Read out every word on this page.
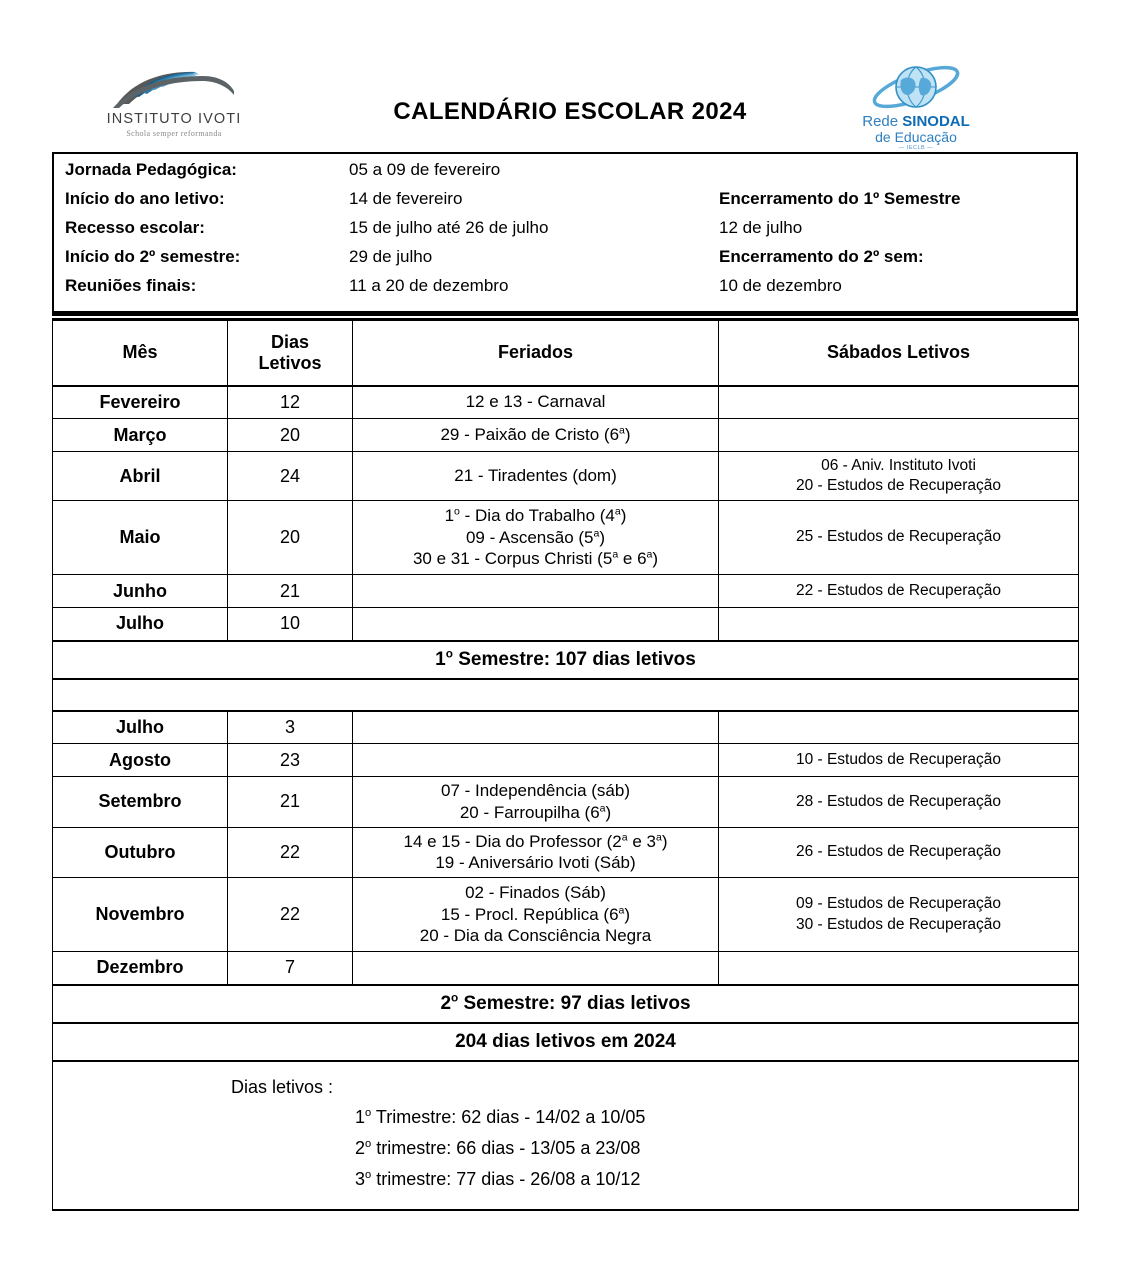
INSTITUTO IVOTI
Schola semper reformanda
CALENDÁRIO ESCOLAR 2024	Rede SINODAL
de Educação
— IECLB —
Jornada Pedagógica:	05 a 09 de fevereiro
Início do ano letivo:	14 de fevereiro	Encerramento do 1º Semestre
Recesso escolar:	15 de julho até 26 de julho	12 de julho
Início do 2º semestre:	29 de julho	Encerramento do 2º sem:
Reuniões finais:	11 a 20 de dezembro	10 de dezembro
Mês	Dias
Letivos	Feriados	Sábados Letivos
Fevereiro	12	12 e 13 - Carnaval	
Março	20	29 - Paixão de Cristo (6$^a$)	
Abril	24	21 - Tiradentes (dom)	06 - Aniv. Instituto Ivoti
20 - Estudos de Recuperação
Maio	20	1$^o$ - Dia do Trabalho (4$^a$)
09 - Ascensão (5$^a$)
30 e 31 - Corpus Christi (5$^a$ e 6$^a$)	25 - Estudos de Recuperação
Junho	21		22 - Estudos de Recuperação
Julho	10		
1$^o$ Semestre: 107 dias letivos			

Julho	3		
Agosto	23		10 - Estudos de Recuperação
Setembro	21	07 - Independência (sáb)
20 - Farroupilha (6$^a$)	28 - Estudos de Recuperação
Outubro	22	14 e 15 - Dia do Professor (2$^a$ e 3$^a$)
19 - Aniversário Ivoti (Sáb)	26 - Estudos de Recuperação
Novembro	22	02 - Finados (Sáb)
15 - Procl. República (6$^a$)
20 - Dia da Consciência Negra	09 - Estudos de Recuperação
30 - Estudos de Recuperação
Dezembro	7		
2$^o$ Semestre: 97 dias letivos			
204 dias letivos em 2024			

Dias letivos :
1$^o$ Trimestre: 62 dias - 14/02 a 10/05
2$^o$ trimestre: 66 dias - 13/05 a 23/08
3$^o$ trimestre: 77 dias - 26/08 a 10/12			
